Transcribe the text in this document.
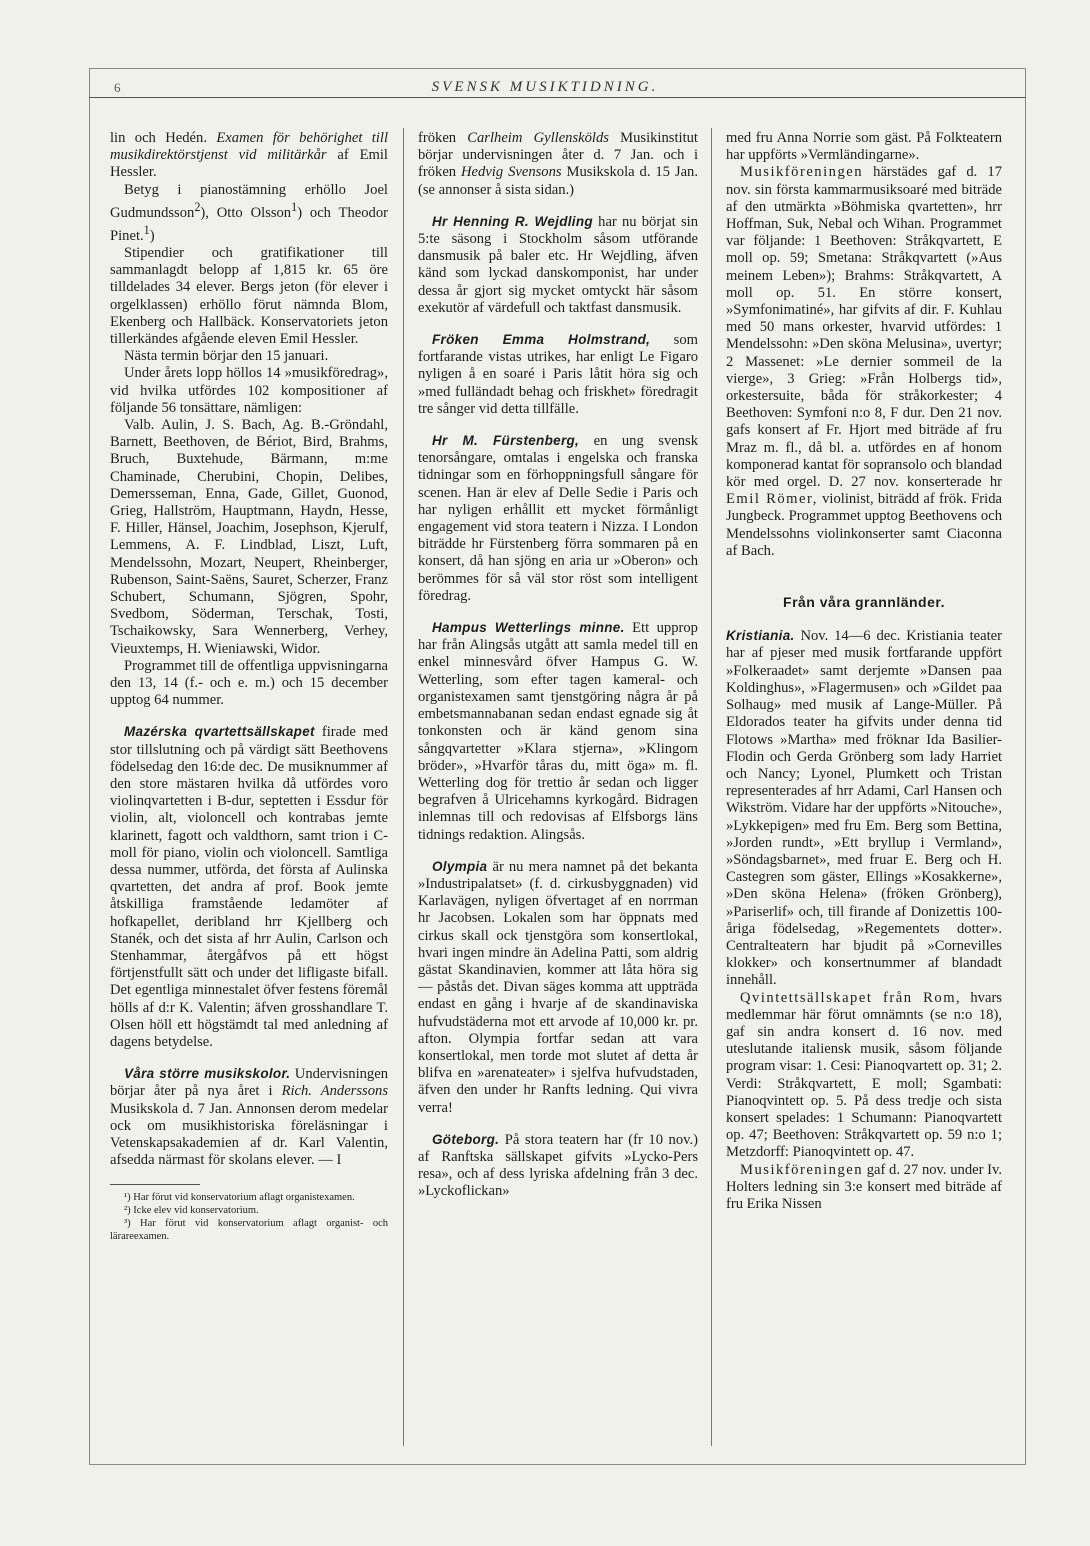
6	SVENSK MUSIKTIDNING.

lin och Hedén. Examen för behörighet till musikdirektörstjenst vid militärkår af Emil Hessler.

Betyg i pianostämning erhöllo Joel Gudmundsson$^2$), Otto Olsson$^1$) och Theodor Pinet.$^1$)

Stipendier och gratifikationer till sammanlagdt belopp af 1,815 kr. 65 öre tilldelades 34 elever. Bergs jeton (för elever i orgelklassen) erhöllo förut nämnda Blom, Ekenberg och Hallbäck. Konservatoriets jeton tillerkändes afgående eleven Emil Hessler.

Nästa termin börjar den 15 januari.

Under årets lopp höllos 14 »musikföredrag», vid hvilka utfördes 102 kompositioner af följande 56 tonsättare, nämligen:

Valb. Aulin, J. S. Bach, Ag. B.-Gröndahl, Barnett, Beethoven, de Bériot, Bird, Brahms, Bruch, Buxtehude, Bärmann, m:me Chaminade, Cherubini, Chopin, Delibes, Demersseman, Enna, Gade, Gillet, Guonod, Grieg, Hallström, Hauptmann, Haydn, Hesse, F. Hiller, Hänsel, Joachim, Josephson, Kjerulf, Lemmens, A. F. Lindblad, Liszt, Luft, Mendelssohn, Mozart, Neupert, Rheinberger, Rubenson, Saint-Saëns, Sauret, Scherzer, Franz Schubert, Schumann, Sjögren, Spohr, Svedbom, Söderman, Terschak, Tosti, Tschaikowsky, Sara Wennerberg, Verhey, Vieuxtemps, H. Wieniawski, Widor.

Programmet till de offentliga uppvisningarna den 13, 14 (f.- och e. m.) och 15 december upptog 64 nummer.

Mazérska qvartettsällskapet firade med stor tillslutning och på värdigt sätt Beethovens födelsedag den 16:de dec. De musiknummer af den store mästaren hvilka då utfördes voro violinqvartetten i B-dur, septetten i Essdur för violin, alt, violoncell och kontrabas jemte klarinett, fagott och valdthorn, samt trion i C-moll för piano, violin och violoncell. Samtliga dessa nummer, utförda, det första af Aulinska qvartetten, det andra af prof. Book jemte åtskilliga framstående ledamöter af hofkapellet, deribland hrr Kjellberg och Stanék, och det sista af hrr Aulin, Carlson och Stenhammar, återgåfvos på ett högst förtjenstfullt sätt och under det lifligaste bifall. Det egentliga minnestalet öfver festens föremål hölls af d:r K. Valentin; äfven grosshandlare T. Olsen höll ett högstämdt tal med anledning af dagens betydelse.

Våra större musikskolor. Undervisningen börjar åter på nya året i Rich. Anderssons Musikskola d. 7 Jan. Annonsen derom medelar ock om musikhistoriska föreläsningar i Vetenskapsakademien af dr. Karl Valentin, afsedda närmast för skolans elever. — I

¹) Har förut vid konservatorium aflagt organistexamen.

²) Icke elev vid konservatorium.

³) Har förut vid konservatorium aflagt organist- och lärareexamen.

fröken Carlheim Gyllenskölds Musikinstitut börjar undervisningen åter d. 7 Jan. och i fröken Hedvig Svensons Musikskola d. 15 Jan. (se annonser å sista sidan.)

Hr Henning R. Wejdling har nu börjat sin 5:te säsong i Stockholm såsom utförande dansmusik på baler etc. Hr Wejdling, äfven känd som lyckad danskomponist, har under dessa år gjort sig mycket omtyckt här såsom exekutör af värdefull och taktfast dansmusik.

Fröken Emma Holmstrand, som fortfarande vistas utrikes, har enligt Le Figaro nyligen å en soaré i Paris låtit höra sig och »med fulländadt behag och friskhet» föredragit tre sånger vid detta tillfälle.

Hr M. Fürstenberg, en ung svensk tenorsångare, omtalas i engelska och franska tidningar som en förhoppningsfull sångare för scenen. Han är elev af Delle Sedie i Paris och har nyligen erhållit ett mycket förmånligt engagement vid stora teatern i Nizza. I London biträdde hr Fürstenberg förra sommaren på en konsert, då han sjöng en aria ur »Oberon» och berömmes för så väl stor röst som intelligent föredrag.

Hampus Wetterlings minne. Ett upprop har från Alingsås utgått att samla medel till en enkel minnesvård öfver Hampus G. W. Wetterling, som efter tagen kameral- och organistexamen samt tjenstgöring några år på embetsmannabanan sedan endast egnade sig åt tonkonsten och är känd genom sina sångqvartetter »Klara stjerna», »Klingom bröder», »Hvarför tåras du, mitt öga» m. fl. Wetterling dog för trettio år sedan och ligger begrafven å Ulricehamns kyrkogård. Bidragen inlemnas till och redovisas af Elfsborgs läns tidnings redaktion. Alingsås.

Olympia är nu mera namnet på det bekanta »Industripalatset» (f. d. cirkusbyggnaden) vid Karlavägen, nyligen öfvertaget af en norrman hr Jacobsen. Lokalen som har öppnats med cirkus skall ock tjenstgöra som konsertlokal, hvari ingen mindre än Adelina Patti, som aldrig gästat Skandinavien, kommer att låta höra sig — påstås det. Divan säges komma att uppträda endast en gång i hvarje af de skandinaviska hufvudstäderna mot ett arvode af 10,000 kr. pr. afton. Olympia fortfar sedan att vara konsertlokal, men torde mot slutet af detta år blifva en »arenateater» i sjelfva hufvudstaden, äfven den under hr Ranfts ledning. Qui vivra verra!

Göteborg. På stora teatern har (fr 10 nov.) af Ranftska sällskapet gifvits »Lycko-Pers resa», och af dess lyriska afdelning från 3 dec. »Lyckoflickan»

med fru Anna Norrie som gäst. På Folkteatern har uppförts »Vermländingarne».

Musikföreningen härstädes gaf d. 17 nov. sin första kammarmusiksoaré med biträde af den utmärkta »Böhmiska qvartetten», hrr Hoffman, Suk, Nebal och Wihan. Programmet var följande: 1 Beethoven: Stråkqvartett, E moll op. 59; Smetana: Stråkqvartett (»Aus meinem Leben»); Brahms: Stråkqvartett, A moll op. 51. En större konsert, »Symfonimatiné», har gifvits af dir. F. Kuhlau med 50 mans orkester, hvarvid utfördes: 1 Mendelssohn: »Den sköna Melusina», uvertyr; 2 Massenet: »Le dernier sommeil de la vierge», 3 Grieg: »Från Holbergs tid», orkestersuite, båda för stråkorkester; 4 Beethoven: Symfoni n:o 8, F dur. Den 21 nov. gafs konsert af Fr. Hjort med biträde af fru Mraz m. fl., då bl. a. utfördes en af honom komponerad kantat för sopransolo och blandad kör med orgel. D. 27 nov. konserterade hr Emil Römer, violinist, biträdd af frök. Frida Jungbeck. Programmet upptog Beethovens och Mendelssohns violinkonserter samt Ciaconna af Bach.

Från våra grannländer.

Kristiania. Nov. 14—6 dec. Kristiania teater har af pjeser med musik fortfarande uppfört »Folkeraadet» samt derjemte »Dansen paa Koldinghus», »Flagermusen» och »Gildet paa Solhaug» med musik af Lange-Müller. På Eldorados teater ha gifvits under denna tid Flotows »Martha» med fröknar Ida Basilier-Flodin och Gerda Grönberg som lady Harriet och Nancy; Lyonel, Plumkett och Tristan representerades af hrr Adami, Carl Hansen och Wikström. Vidare har der uppförts »Nitouche», »Lykkepigen» med fru Em. Berg som Bettina, »Jorden rundt», »Ett bryllup i Vermland», »Söndagsbarnet», med fruar E. Berg och H. Castegren som gäster, Ellings »Kosakkerne», »Den sköna Helena» (fröken Grönberg), »Pariserlif» och, till firande af Donizettis 100-åriga födelsedag, »Regementets dotter». Centralteatern har bjudit på »Cornevilles klokker» och konsertnummer af blandadt innehåll.

Qvintettsällskapet från Rom, hvars medlemmar här förut omnämnts (se n:o 18), gaf sin andra konsert d. 16 nov. med uteslutande italiensk musik, såsom följande program visar: 1. Cesi: Pianoqvartett op. 31; 2. Verdi: Stråkqvartett, E moll; Sgambati: Pianoqvintett op. 5. På dess tredje och sista konsert spelades: 1 Schumann: Pianoqvartett op. 47; Beethoven: Stråkqvartett op. 59 n:o 1; Metzdorff: Pianoqvintett op. 47.

Musikföreningen gaf d. 27 nov. under Iv. Holters ledning sin 3:e konsert med biträde af fru Erika Nissen
